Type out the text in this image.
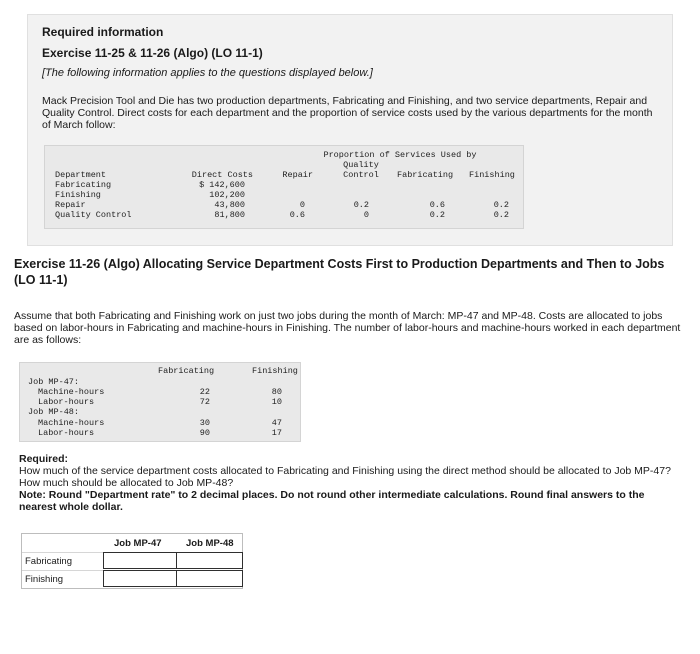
Required information
Exercise 11-25 & 11-26 (Algo) (LO 11-1)
[The following information applies to the questions displayed below.]
Mack Precision Tool and Die has two production departments, Fabricating and Finishing, and two service departments, Repair and Quality Control. Direct costs for each department and the proportion of service costs used by the various departments for the month of March follow:
Proportion of Services Used by
Quality
Department	Direct Costs	Repair	Control	Fabricating Finishing
Fabricating	$ 142,600
Finishing	102,200
Repair	43,800	0	0.2	0.6	0.2
Quality Control	81,800	0.6	0	0.2	0.2
Exercise 11-26 (Algo) Allocating Service Department Costs First to Production Departments and Then to Jobs (LO 11-1)
Assume that both Fabricating and Finishing work on just two jobs during the month of March: MP-47 and MP-48. Costs are allocated to jobs based on labor-hours in Fabricating and machine-hours in Finishing. The number of labor-hours and machine-hours worked in each department are as follows:
Fabricating	Finishing
Job MP-47:
Machine-hours	22	80
Labor-hours	72	10
Job MP-48:
Machine-hours	30	47
Labor-hours	90	17
Required:
How much of the service department costs allocated to Fabricating and Finishing using the direct method should be allocated to Job MP-47? How much should be allocated to Job MP-48?
Note: Round "Department rate" to 2 decimal places. Do not round other intermediate calculations. Round final answers to the nearest whole dollar.
Job MP-47	Job MP-48
Fabricating
Finishing
